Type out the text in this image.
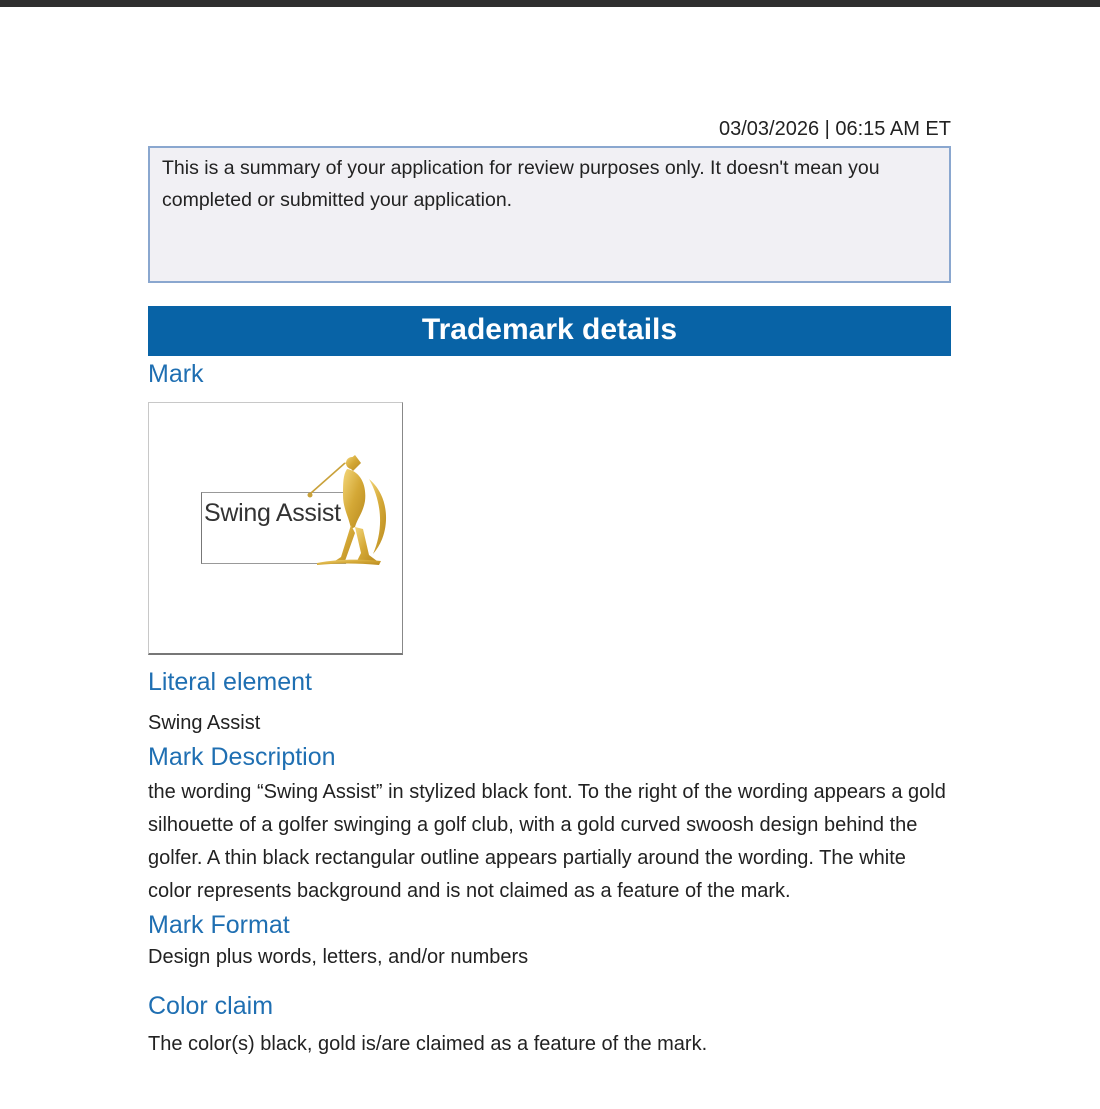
03/03/2026 | 06:15 AM ET
This is a summary of your application for review purposes only. It doesn't mean you completed or submitted your application.
Trademark details
Mark
Swing Assist
Literal element
Swing Assist
Mark Description
the wording “Swing Assist” in stylized black font. To the right of the wording appears a gold silhouette of a golfer swinging a golf club, with a gold curved swoosh design behind the golfer. A thin black rectangular outline appears partially around the wording. The white color represents background and is not claimed as a feature of the mark.
Mark Format
Design plus words, letters, and/or numbers
Color claim
The color(s) black, gold is/are claimed as a feature of the mark.
